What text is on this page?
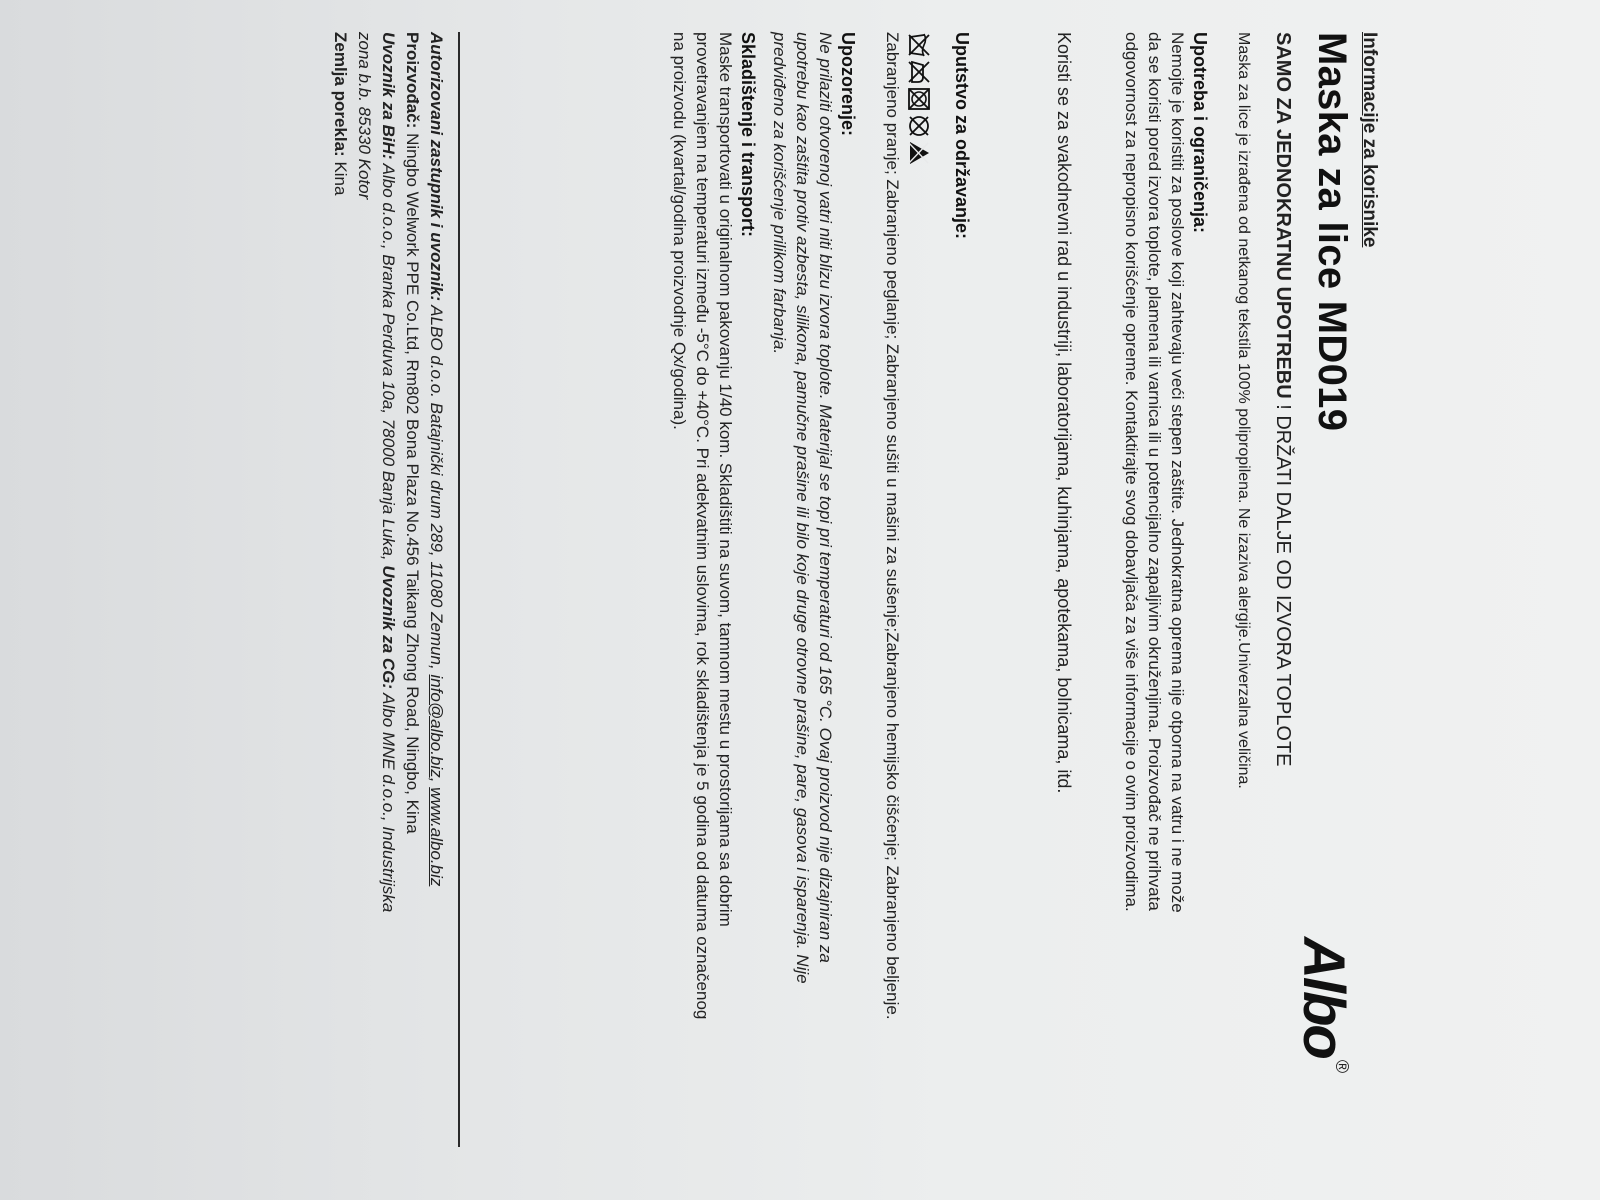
Informacije za korisnike
Maska za lice MD019
SAMO ZA JEDNOKRATNU UPOTREBU ! DRŽATI DALJE OD IZVORA TOPLOTE
Albo
®
Maska za lice je izrađena od netkanog tekstila 100% polipropilena. Ne izaziva alergije.Univerzalna veličina.
Upotreba i ograničenja:

Nemojte je koristiti za poslove koji zahtevaju veći stepen zaštite. Jednokratna oprema nije otporna na vatru i ne može

da se koristi pored izvora toplote, plamena ili varnica ili u potencijalno zapaljivim okruženjima. Proizvođač ne prihvata

odgovornost za nepropisno korišćenje opreme. Kontaktirajte svog dobavljača za više informacije o ovim proizvodima.

Koristi se za svakodnevni rad u industriji, laboratorijama, kuhinjama, apotekama, bolnicama, itd.
Uputstvo za održavanje:
Zabranjeno pranje; Zabranjeno peglanje; Zabranjeno sušiti u mašini za sušenje;Zabranjeno hemijsko čišćenje; Zabranjeno beljenje.
Upozorenje:

Ne prilaziti otvorenoj vatri niti blizu izvora toplote. Materijal se topi pri temperaturi od 165 °C. Ovaj proizvod nije dizajniran za

upotrebu kao zaštita protiv azbesta, silikona, pamučne prašine ili bilo koje druge otrovne prašine, pare, gasova i isparenja. Nije

predviđeno za korišćenje prilikom farbanja.

Skladištenje i transport:

Maske transportovati u originalnom pakovanju 1/40 kom. Skladištiti na suvom, tamnom mestu u prostorijama sa dobrim

provetravanjem na temperaturi između -5°C do +40°C. Pri adekvatnim uslovima, rok skladištenja je 5 godina od datuma označenog

na proizvodu (kvartal/godina proizvodnje Qx/godina).

Autorizovani zastupnik i uvoznik: ALBO d.o.o. Batajnički drum 289, 11080 Zemun, info@albo.biz, www.albo.biz

Proizvođač: Ningbo Welwork PPE Co.Ltd, Rm802 Bona Plaza No.456 Taikang Zhong Road, Ningbo, Kina

Uvoznik za BiH: Albo d.o.o., Branka Perduva 10a, 78000 Banja Luka, Uvoznik za CG: Albo MNE d.o.o., Industrijska

zona b.b. 85330 Kotor

Zemlja porekla: Kina
